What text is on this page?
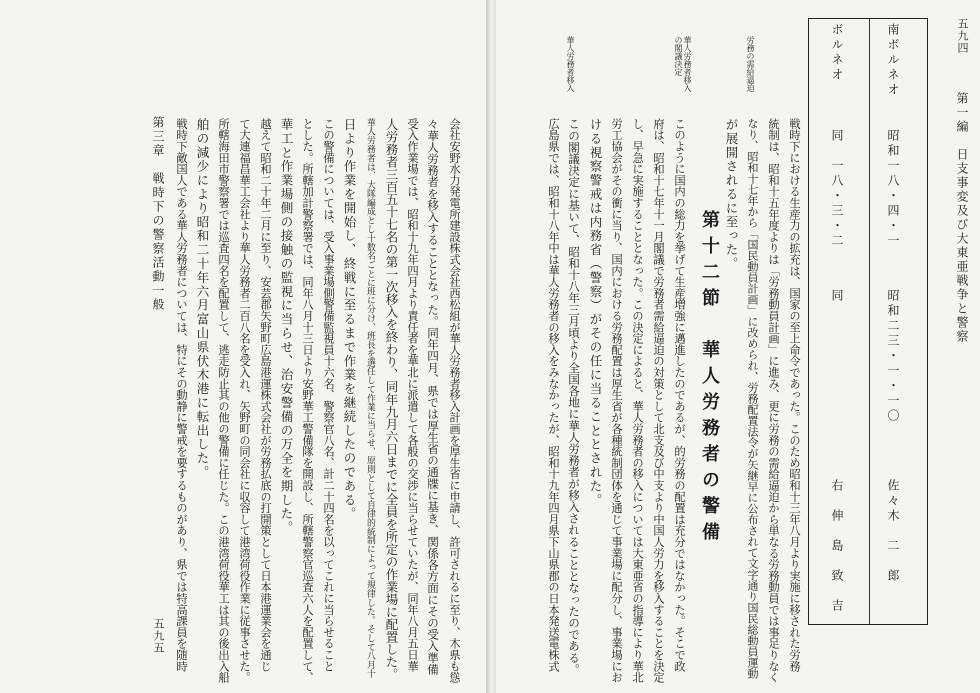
会社安野水力発電所建設株式会社西松組が華人労務者移入計画を厚生省に申請し、許可されるに至り、木県も慫
々華人労務者を移入することとなった。同年四月、県では厚生省の通牒に基き、関係各方面にその受入準備
受入作業場では、昭和十九年四月より責任者を華北に派遣して各般の交渉に当らせていたが、同年八月五日華
人労務者三百五十七名の第一次移入を終わり、同年九月六日までに全員を所定の作業場に配置した。
華人労務者は、大隊編成とし十数名ごとに班に分け、班長を選任して作業に当らせ、原則として自律的統制によって規律した。そして八月十
日より作業を開始し、終戦に至るまで作業を継続したのである。
この警備については、受入事業場側警備監視員十六名、警察官八名、計二十四名を以ってこれに当らせること
とした。所轄加計警察署では、同年八月十三日より安野華工警備隊を開設し、所轄警察官巡査六人を配置して、
華工と作業場側の接触の監視に当らせ、治安警備の万全を期した。
越えて昭和二十年二月に至り、安芸郡矢野町広島港運株式会社が労務払底の打開策として日本港運業会を通じ
て大連福昌華工会社より華人労務者二百八名を受入れ、矢野町の同会社に収容して港湾荷役作業に従事させた。
所轄海田市警察署では巡査四名を配置して、逃走防止其の他の警備に任じた。この港湾荷役華工は其の後出入船
舶の減少により昭和二十年六月富山県伏木港に転出した。
戦時下敵国人である華人労務者については、特にその動静に警戒を要するものがあり、県では特高課員を随時
第三章　戦時下の警察活動一般
五九五
五九四
第一編　日支事変及び大東亜戦争と警察
南ボルネオ
昭和一八・四・一
昭和二三・一・一〇
佐々木　二　郎
ボルネオ
同　一八・三・二
同
右　伸　島　致　吉
戦時下における生産力の拡充は、国家の至上命令であった。このため昭和十三年八月より実施に移された労務
統制は、昭和十五年度よりは「労務動員計画」に進み、更に労務の需給逼迫から単なる労務動員では事足りなく
なり、昭和十七年から「国民動員計画」に改められ、労務配置法令が矢継早に公布されて文字通り国民総動員運動
が展開されるに至った。
労務の需給逼迫
華人労務者移入の閣議決定
華人労務者移入
第十二節　華人労務者の警備
このように国内の総力を挙げて生産増強に邁進したのであるが、的労務の配置は充分ではなかった。そこで政
府は、昭和十七年十一月閣議で労務者需給逼迫の対策として北支及び中支より中国人労力を移入することを決定
し、早急に実施することとなった。この決定によると、華人労務者の移入については大東亜省の指導により華北
労工協会がその衝に当り、国内における労務配置は厚生省が各種統制団体を通じて事業場に配分し、事業場にお
ける視察警戒は内務省（警察）がその任に当ることとされた。
この閣議決定に基いて、昭和十八年三月頃より全国各地に華人労務者が移入されることとなったのである。
広島県では、昭和十八年中は華人労務者の移入をみなかったが、昭和十九年四月県下山県郡の日本発送電株式
